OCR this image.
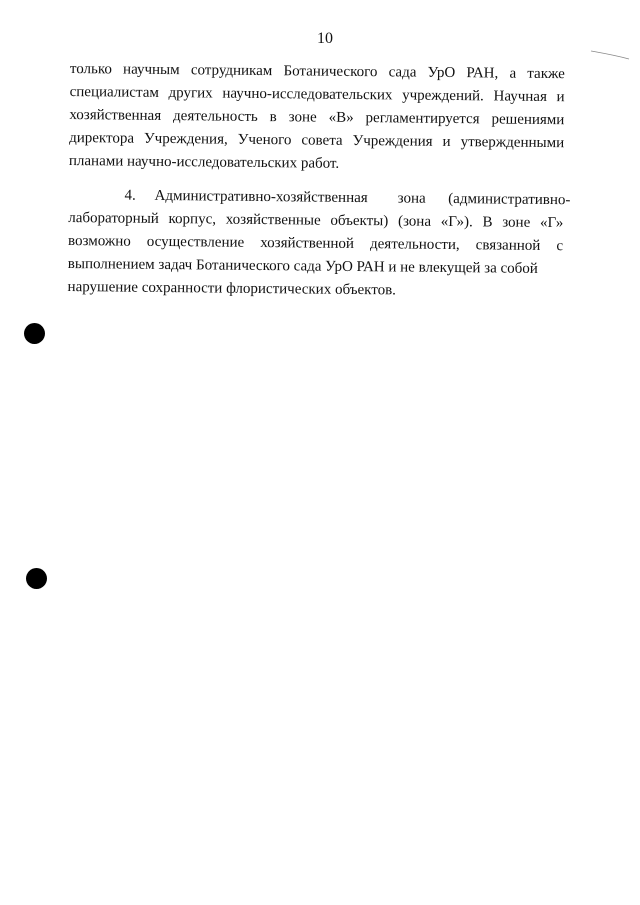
10
только научным сотрудникам Ботанического сада УрО РАН, а также
специалистам других научно-исследовательских учреждений. Научная и
хозяйственная деятельность в зоне «В» регламентируется решениями
директора Учреждения, Ученого совета Учреждения и утвержденными
планами научно-исследовательских работ.
4.     Административно-хозяйственная        зона      (административно-
лабораторный корпус, хозяйственные объекты) (зона «Г»). В зоне «Г»
возможно осуществление хозяйственной деятельности, связанной с
выполнением задач Ботанического сада УрО РАН и не влекущей за собой
нарушение сохранности флористических объектов.
